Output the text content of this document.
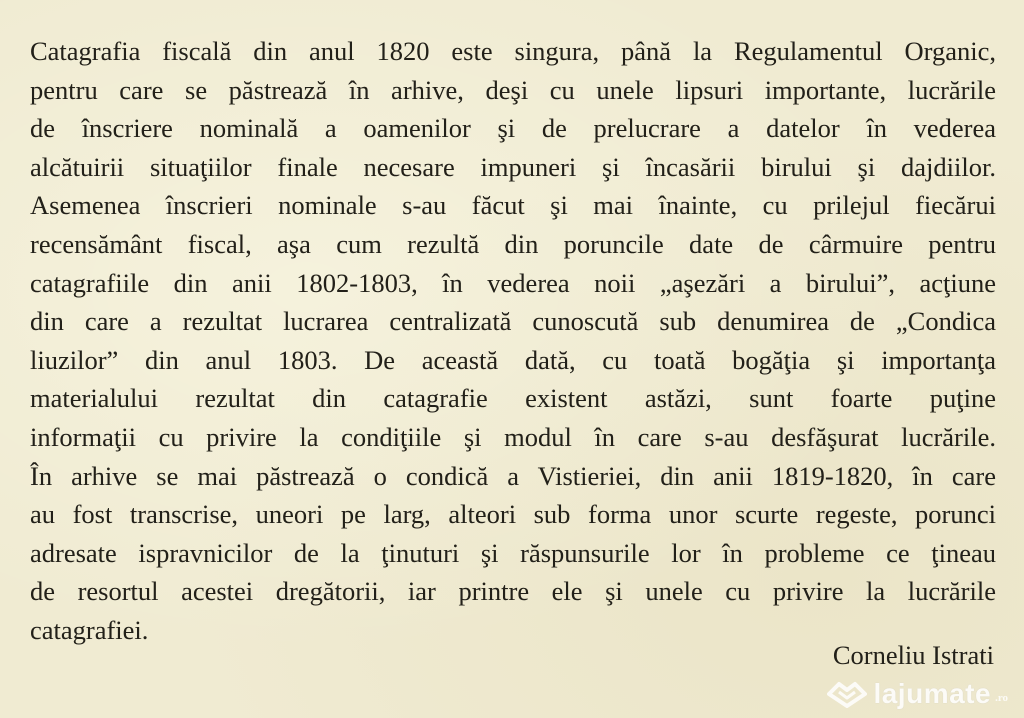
Catagrafia fiscală din anul 1820 este singura, până la Regulamentul Organic,
pentru care se păstrează în arhive, deşi cu unele lipsuri importante, lucrările
de înscriere nominală a oamenilor şi de prelucrare a datelor în vederea
alcătuirii situaţiilor finale necesare impuneri şi încasării birului şi dajdiilor.
Asemenea înscrieri nominale s-au făcut şi mai înainte, cu prilejul fiecărui
recensământ fiscal, aşa cum rezultă din poruncile date de cârmuire pentru
catagrafiile din anii 1802-1803, în vederea noii „aşezări a birului”, acţiune
din care a rezultat lucrarea centralizată cunoscută sub denumirea de „Condica
liuzilor” din anul 1803. De această dată, cu toată bogăţia şi importanţa
materialului rezultat din catagrafie existent astăzi, sunt foarte puţine
informaţii cu privire la condiţiile şi modul în care s-au desfăşurat lucrările.
În arhive se mai păstrează o condică a Vistieriei, din anii 1819-1820, în care
au fost transcrise, uneori pe larg, alteori sub forma unor scurte regeste, porunci
adresate ispravnicilor de la ţinuturi şi răspunsurile lor în probleme ce ţineau
de resortul acestei dregătorii, iar printre ele şi unele cu privire la lucrările
catagrafiei.
Corneliu Istrati
lajumate .ro
